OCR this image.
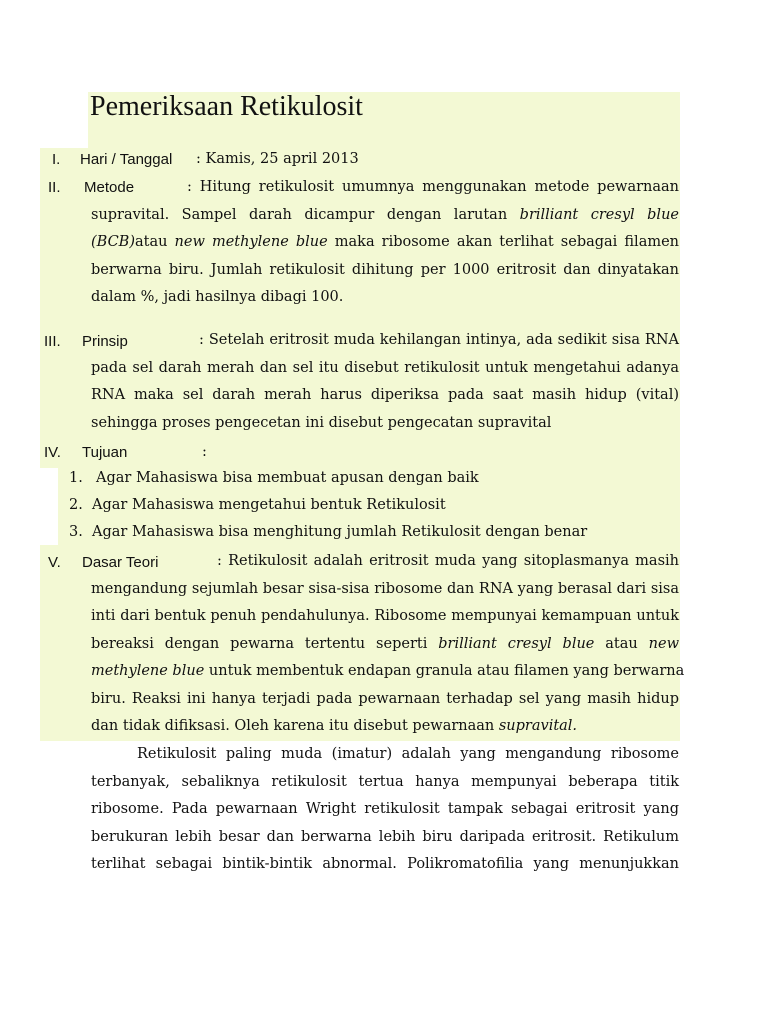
Pemeriksaan Retikulosit
I. Hari / Tanggal : Kamis, 25 april 2013
II. Metode	: Hitung retikulosit umumnya menggunakan metode pewarnaan
supravital. Sampel darah dicampur dengan larutan brilliant cresyl blue
(BCB)atau new methylene blue maka ribosome akan terlihat sebagai filamen
berwarna biru. Jumlah retikulosit dihitung per 1000 eritrosit dan dinyatakan
dalam %, jadi hasilnya dibagi 100.
III. Prinsip	: Setelah eritrosit muda kehilangan intinya, ada sedikit sisa RNA
pada sel darah merah dan sel itu disebut retikulosit untuk mengetahui adanya
RNA maka sel darah merah harus diperiksa pada saat masih hidup (vital)
sehingga proses pengecetan ini disebut pengecatan supravital
IV. Tujuan	:
1. Agar Mahasiswa bisa membuat apusan dengan baik
2. Agar Mahasiswa mengetahui bentuk Retikulosit
3. Agar Mahasiswa bisa menghitung jumlah Retikulosit dengan benar
V. Dasar Teori	: Retikulosit adalah eritrosit muda yang sitoplasmanya masih
mengandung sejumlah besar sisa-sisa ribosome dan RNA yang berasal dari sisa
inti dari bentuk penuh pendahulunya. Ribosome mempunyai kemampuan untuk
bereaksi dengan pewarna tertentu seperti brilliant cresyl blue atau new
methylene blue untuk membentuk endapan granula atau filamen yang berwarna
biru. Reaksi ini hanya terjadi pada pewarnaan terhadap sel yang masih hidup
dan tidak difiksasi. Oleh karena itu disebut pewarnaan supravital.
Retikulosit paling muda (imatur) adalah yang mengandung ribosome
terbanyak, sebaliknya retikulosit tertua hanya mempunyai beberapa titik
ribosome. Pada pewarnaan Wright retikulosit tampak sebagai eritrosit yang
berukuran lebih besar dan berwarna lebih biru daripada eritrosit. Retikulum
terlihat sebagai bintik-bintik abnormal. Polikromatofilia yang menunjukkan
